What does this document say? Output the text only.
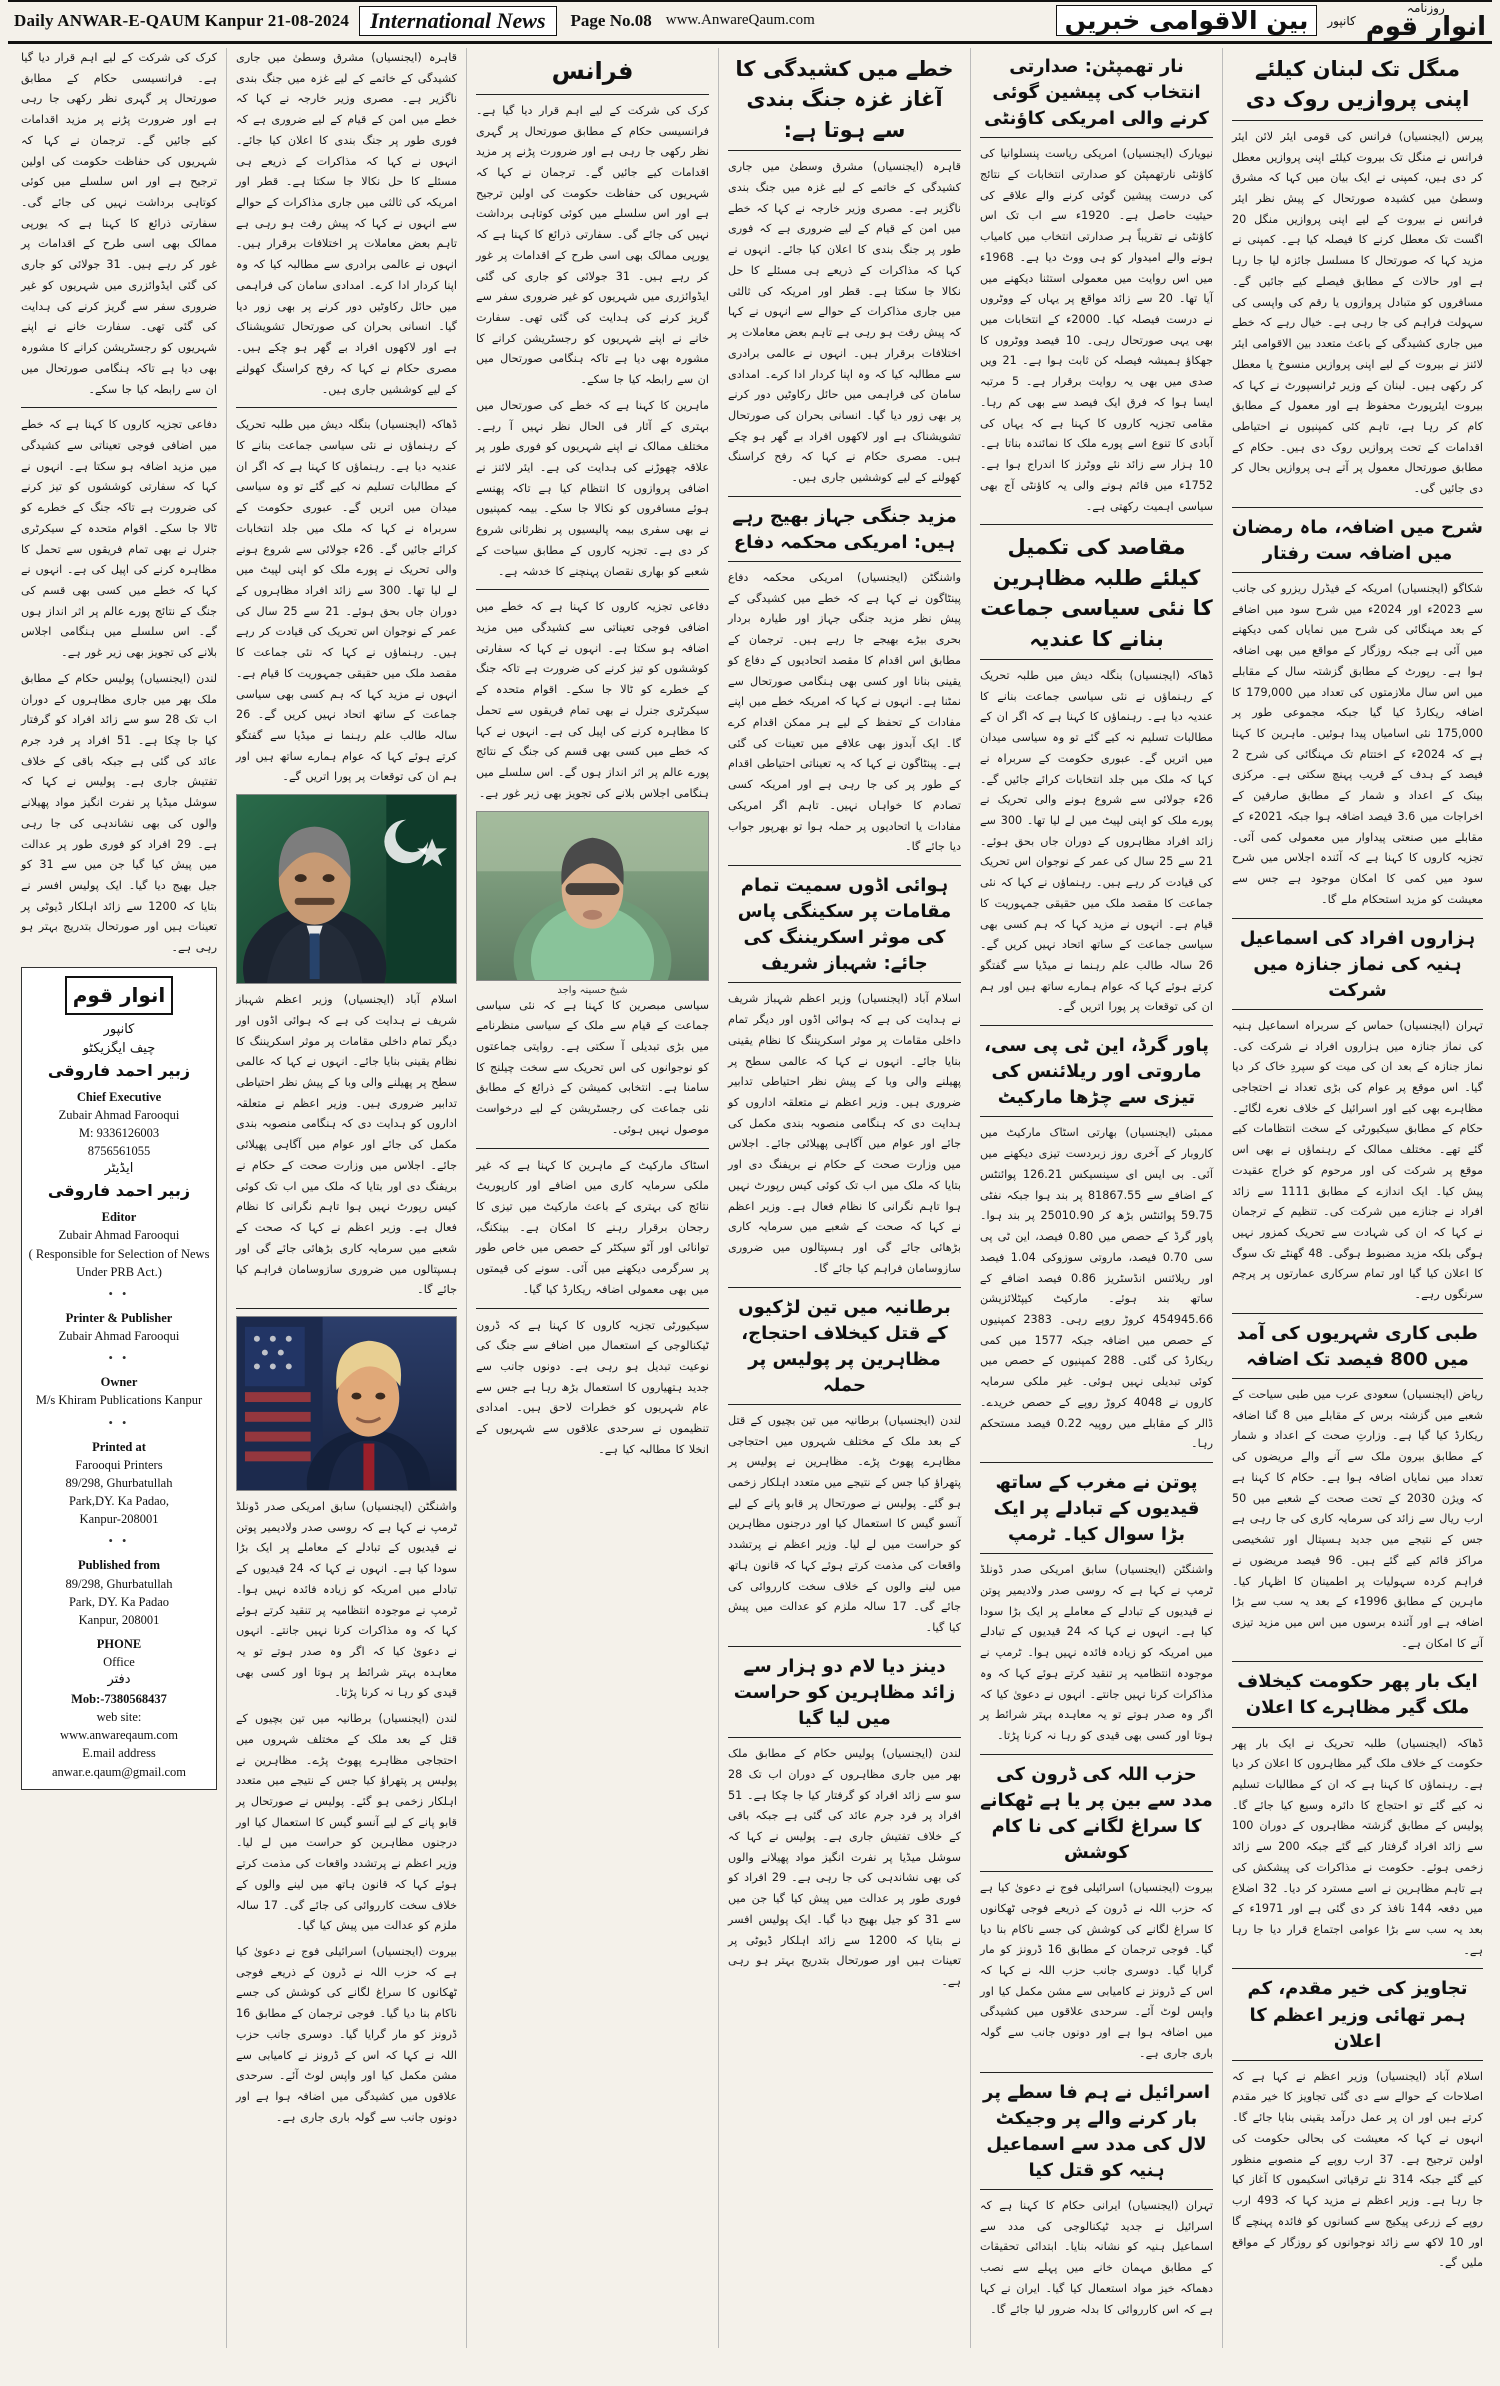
Daily ANWAR-E-QAUM Kanpur 21-08-2024 International News	Page No.08 www.AnwareQaum.com
روزنامہ
انوار قوم
کانپور
بین الاقوامی خبریں
مںگل تک لبنان کیلئے اپنی پروازیں روک دی

پیرس (ایجنسیاں) فرانس کی قومی ایئر لائن ایئر فرانس نے منگل تک بیروت کیلئے اپنی پروازیں معطل کر دی ہیں، کمپنی نے ایک بیان میں کہا کہ مشرق وسطیٰ میں کشیدہ صورتحال کے پیش نظر ایئر فرانس نے بیروت کے لیے اپنی پروازیں منگل 20 اگست تک معطل کرنے کا فیصلہ کیا ہے۔ کمپنی نے مزید کہا کہ صورتحال کا مسلسل جائزہ لیا جا رہا ہے اور حالات کے مطابق فیصلے کیے جائیں گے۔ مسافروں کو متبادل پروازوں یا رقم کی واپسی کی سہولت فراہم کی جا رہی ہے۔ خیال رہے کہ خطے میں جاری کشیدگی کے باعث متعدد بین الاقوامی ایئر لائنز نے بیروت کے لیے اپنی پروازیں منسوخ یا معطل کر رکھی ہیں۔ لبنان کے وزیر ٹرانسپورٹ نے کہا کہ بیروت ایئرپورٹ محفوظ ہے اور معمول کے مطابق کام کر رہا ہے، تاہم کئی کمپنیوں نے احتیاطی اقدامات کے تحت پروازیں روک دی ہیں۔ حکام کے مطابق صورتحال معمول پر آتے ہی پروازیں بحال کر دی جائیں گی۔

شرح میں اضافہ، ماہ رمضان میں اضافہ ست رفتار

شکاگو (ایجنسیاں) امریکہ کے فیڈرل ریزرو کی جانب سے 2023ء اور 2024ء میں شرح سود میں اضافے کے بعد مہنگائی کی شرح میں نمایاں کمی دیکھنے میں آئی ہے جبکہ روزگار کے مواقع میں بھی اضافہ ہوا ہے۔ رپورٹ کے مطابق گزشتہ سال کے مقابلے میں اس سال ملازمتوں کی تعداد میں 179,000 کا اضافہ ریکارڈ کیا گیا جبکہ مجموعی طور پر 175,000 نئی اسامیاں پیدا ہوئیں۔ ماہرین کا کہنا ہے کہ 2024ء کے اختتام تک مہنگائی کی شرح 2 فیصد کے ہدف کے قریب پہنچ سکتی ہے۔ مرکزی بینک کے اعداد و شمار کے مطابق صارفین کے اخراجات میں 3.6 فیصد اضافہ ہوا جبکہ 2021ء کے مقابلے میں صنعتی پیداوار میں معمولی کمی آئی۔ تجزیہ کاروں کا کہنا ہے کہ آئندہ اجلاس میں شرح سود میں کمی کا امکان موجود ہے جس سے معیشت کو مزید استحکام ملے گا۔

ہزاروں افراد کی اسماعیل ہنیہ کی نماز جنازہ میں شرکت

تہران (ایجنسیاں) حماس کے سربراہ اسماعیل ہنیہ کی نماز جنازہ میں ہزاروں افراد نے شرکت کی۔ نماز جنازہ کے بعد ان کی میت کو سپردِ خاک کر دیا گیا۔ اس موقع پر عوام کی بڑی تعداد نے احتجاجی مظاہرے بھی کیے اور اسرائیل کے خلاف نعرے لگائے۔ حکام کے مطابق سیکیورٹی کے سخت انتظامات کیے گئے تھے۔ مختلف ممالک کے رہنماؤں نے بھی اس موقع پر شرکت کی اور مرحوم کو خراج عقیدت پیش کیا۔ ایک اندازے کے مطابق 1111 سے زائد افراد نے جنازے میں شرکت کی۔ تنظیم کے ترجمان نے کہا کہ ان کی شہادت سے تحریک کمزور نہیں ہوگی بلکہ مزید مضبوط ہوگی۔ 48 گھنٹے تک سوگ کا اعلان کیا گیا اور تمام سرکاری عمارتوں پر پرچم سرنگوں رہے۔

طبی کاری شہریوں کی آمد میں 800 فیصد تک اضافہ

ریاض (ایجنسیاں) سعودی عرب میں طبی سیاحت کے شعبے میں گزشتہ برس کے مقابلے میں 8 گنا اضافہ ریکارڈ کیا گیا ہے۔ وزارتِ صحت کے اعداد و شمار کے مطابق بیرون ملک سے آنے والے مریضوں کی تعداد میں نمایاں اضافہ ہوا ہے۔ حکام کا کہنا ہے کہ ویژن 2030 کے تحت صحت کے شعبے میں 50 ارب ریال سے زائد کی سرمایہ کاری کی جا رہی ہے جس کے نتیجے میں جدید ہسپتال اور تشخیصی مراکز قائم کیے گئے ہیں۔ 96 فیصد مریضوں نے فراہم کردہ سہولیات پر اطمینان کا اظہار کیا۔ ماہرین کے مطابق 1996ء کے بعد یہ سب سے بڑا اضافہ ہے اور آئندہ برسوں میں اس میں مزید تیزی آنے کا امکان ہے۔

ایک بار پھر حکومت کیخلاف ملک گیر مظاہرے کا اعلان

ڈھاکہ (ایجنسیاں) طلبہ تحریک نے ایک بار پھر حکومت کے خلاف ملک گیر مظاہروں کا اعلان کر دیا ہے۔ رہنماؤں کا کہنا ہے کہ ان کے مطالبات تسلیم نہ کیے گئے تو احتجاج کا دائرہ وسیع کیا جائے گا۔ پولیس کے مطابق گزشتہ مظاہروں کے دوران 100 سے زائد افراد گرفتار کیے گئے جبکہ 200 سے زائد زخمی ہوئے۔ حکومت نے مذاکرات کی پیشکش کی ہے تاہم مظاہرین نے اسے مسترد کر دیا۔ 32 اضلاع میں دفعہ 144 نافذ کر دی گئی ہے اور 1971ء کے بعد یہ سب سے بڑا عوامی اجتماع قرار دیا جا رہا ہے۔

تجاویز کی خیر مقدم، کم ہمر تھائی وزیر اعظم کا اعلان

اسلام آباد (ایجنسیاں) وزیر اعظم نے کہا ہے کہ اصلاحات کے حوالے سے دی گئی تجاویز کا خیر مقدم کرتے ہیں اور ان پر عمل درآمد یقینی بنایا جائے گا۔ انہوں نے کہا کہ معیشت کی بحالی حکومت کی اولین ترجیح ہے۔ 37 ارب روپے کے منصوبے منظور کیے گئے جبکہ 314 نئے ترقیاتی اسکیموں کا آغاز کیا جا رہا ہے۔ وزیر اعظم نے مزید کہا کہ 493 ارب روپے کے زرعی پیکیج سے کسانوں کو فائدہ پہنچے گا اور 10 لاکھ سے زائد نوجوانوں کو روزگار کے مواقع ملیں گے۔

نار تھمپٹن: صدارتی انتخاب کی پیشین گوئی کرنے والی امریکی کاؤنٹی

نیویارک (ایجنسیاں) امریکی ریاست پنسلوانیا کی کاؤنٹی نارتھمپٹن کو صدارتی انتخابات کے نتائج کی درست پیشین گوئی کرنے والے علاقے کی حیثیت حاصل ہے۔ 1920ء سے اب تک اس کاؤنٹی نے تقریباً ہر صدارتی انتخاب میں کامیاب ہونے والے امیدوار کو ہی ووٹ دیا ہے۔ 1968ء میں اس روایت میں معمولی استثنا دیکھنے میں آیا تھا۔ 20 سے زائد مواقع پر یہاں کے ووٹروں نے درست فیصلہ کیا۔ 2000ء کے انتخابات میں بھی یہی صورتحال رہی۔ 10 فیصد ووٹروں کا جھکاؤ ہمیشہ فیصلہ کن ثابت ہوا ہے۔ 21 ویں صدی میں بھی یہ روایت برقرار ہے۔ 5 مرتبہ ایسا ہوا کہ فرق ایک فیصد سے بھی کم رہا۔ مقامی تجزیہ کاروں کا کہنا ہے کہ یہاں کی آبادی کا تنوع اسے پورے ملک کا نمائندہ بناتا ہے۔ 10 ہزار سے زائد نئے ووٹرز کا اندراج ہوا ہے۔ 1752ء میں قائم ہونے والی یہ کاؤنٹی آج بھی سیاسی اہمیت رکھتی ہے۔

مقاصد کی تکمیل کیلئے طلبہ مظاہرین کا نئی سیاسی جماعت بنانے کا عندیہ

ڈھاکہ (ایجنسیاں) بنگلہ دیش میں طلبہ تحریک کے رہنماؤں نے نئی سیاسی جماعت بنانے کا عندیہ دیا ہے۔ رہنماؤں کا کہنا ہے کہ اگر ان کے مطالبات تسلیم نہ کیے گئے تو وہ سیاسی میدان میں اتریں گے۔ عبوری حکومت کے سربراہ نے کہا کہ ملک میں جلد انتخابات کرائے جائیں گے۔ 26ء جولائی سے شروع ہونے والی تحریک نے پورے ملک کو اپنی لپیٹ میں لے لیا تھا۔ 300 سے زائد افراد مظاہروں کے دوران جاں بحق ہوئے۔ 21 سے 25 سال کی عمر کے نوجوان اس تحریک کی قیادت کر رہے ہیں۔ رہنماؤں نے کہا کہ نئی جماعت کا مقصد ملک میں حقیقی جمہوریت کا قیام ہے۔ انہوں نے مزید کہا کہ ہم کسی بھی سیاسی جماعت کے ساتھ اتحاد نہیں کریں گے۔ 26 سالہ طالب علم رہنما نے میڈیا سے گفتگو کرتے ہوئے کہا کہ عوام ہمارے ساتھ ہیں اور ہم ان کی توقعات پر پورا اتریں گے۔

پاور گرڈ، این ٹی پی سی، ماروتی اور ریلائنس کی تیزی سے چڑھا مارکیٹ

ممبئی (ایجنسیاں) بھارتی اسٹاک مارکیٹ میں کاروبار کے آخری روز زبردست تیزی دیکھنے میں آئی۔ بی ایس ای سینسیکس 126.21 پوائنٹس کے اضافے سے 81867.55 پر بند ہوا جبکہ نفٹی 59.75 پوائنٹس بڑھ کر 25010.90 پر بند ہوا۔ پاور گرڈ کے حصص میں 0.80 فیصد، این ٹی پی سی 0.70 فیصد، ماروتی سوزوکی 1.04 فیصد اور ریلائنس انڈسٹریز 0.86 فیصد اضافے کے ساتھ بند ہوئے۔ مارکیٹ کیپٹلائزیشن 454945.66 کروڑ روپے رہی۔ 2383 کمپنیوں کے حصص میں اضافہ جبکہ 1577 میں کمی ریکارڈ کی گئی۔ 288 کمپنیوں کے حصص میں کوئی تبدیلی نہیں ہوئی۔ غیر ملکی سرمایہ کاروں نے 4048 کروڑ روپے کے حصص خریدے۔ ڈالر کے مقابلے میں روپیہ 0.22 فیصد مستحکم رہا۔

پوتن نے مغرب کے ساتھ قیدیوں کے تبادلے پر ایک بڑا سوال کیا۔ ٹرمپ

واشنگٹن (ایجنسیاں) سابق امریکی صدر ڈونلڈ ٹرمپ نے کہا ہے کہ روسی صدر ولادیمیر پوتن نے قیدیوں کے تبادلے کے معاملے پر ایک بڑا سودا کیا ہے۔ انہوں نے کہا کہ 24 قیدیوں کے تبادلے میں امریکہ کو زیادہ فائدہ نہیں ہوا۔ ٹرمپ نے موجودہ انتظامیہ پر تنقید کرتے ہوئے کہا کہ وہ مذاکرات کرنا نہیں جانتے۔ انہوں نے دعویٰ کیا کہ اگر وہ صدر ہوتے تو یہ معاہدہ بہتر شرائط پر ہوتا اور کسی بھی قیدی کو رہا نہ کرنا پڑتا۔

حزب اللہ کی ڈرون کی مدد سے بین پر یا ہے ٹھکانے کا سراغ لگانے کی نا کام کوشش

بیروت (ایجنسیاں) اسرائیلی فوج نے دعویٰ کیا ہے کہ حزب اللہ نے ڈرون کے ذریعے فوجی ٹھکانوں کا سراغ لگانے کی کوشش کی جسے ناکام بنا دیا گیا۔ فوجی ترجمان کے مطابق 16 ڈرونز کو مار گرایا گیا۔ دوسری جانب حزب اللہ نے کہا کہ اس کے ڈرونز نے کامیابی سے مشن مکمل کیا اور واپس لوٹ آئے۔ سرحدی علاقوں میں کشیدگی میں اضافہ ہوا ہے اور دونوں جانب سے گولہ باری جاری ہے۔

اسرائیل نے ہم فا سطے پر بار کرنے والے پر وجیکٹ لال کی مدد سے اسماعیل ہنیہ کو قتل کیا

تہران (ایجنسیاں) ایرانی حکام کا کہنا ہے کہ اسرائیل نے جدید ٹیکنالوجی کی مدد سے اسماعیل ہنیہ کو نشانہ بنایا۔ ابتدائی تحقیقات کے مطابق مہمان خانے میں پہلے سے نصب دھماکہ خیز مواد استعمال کیا گیا۔ ایران نے کہا ہے کہ اس کارروائی کا بدلہ ضرور لیا جائے گا۔

خطے میں کشیدگی کا آغاز غزہ جنگ بندی سے ہوتا ہے:

قاہرہ (ایجنسیاں) مشرق وسطیٰ میں جاری کشیدگی کے خاتمے کے لیے غزہ میں جنگ بندی ناگزیر ہے۔ مصری وزیر خارجہ نے کہا کہ خطے میں امن کے قیام کے لیے ضروری ہے کہ فوری طور پر جنگ بندی کا اعلان کیا جائے۔ انہوں نے کہا کہ مذاکرات کے ذریعے ہی مسئلے کا حل نکالا جا سکتا ہے۔ قطر اور امریکہ کی ثالثی میں جاری مذاکرات کے حوالے سے انہوں نے کہا کہ پیش رفت ہو رہی ہے تاہم بعض معاملات پر اختلافات برقرار ہیں۔ انہوں نے عالمی برادری سے مطالبہ کیا کہ وہ اپنا کردار ادا کرے۔ امدادی سامان کی فراہمی میں حائل رکاوٹیں دور کرنے پر بھی زور دیا گیا۔ انسانی بحران کی صورتحال تشویشناک ہے اور لاکھوں افراد بے گھر ہو چکے ہیں۔ مصری حکام نے کہا کہ رفح کراسنگ کھولنے کے لیے کوششیں جاری ہیں۔

مزید جنگی جہاز بھیج رہے ہیں: امریکی محکمہ دفاع

واشنگٹن (ایجنسیاں) امریکی محکمہ دفاع پینٹاگون نے کہا ہے کہ خطے میں کشیدگی کے پیش نظر مزید جنگی جہاز اور طیارہ بردار بحری بیڑے بھیجے جا رہے ہیں۔ ترجمان کے مطابق اس اقدام کا مقصد اتحادیوں کے دفاع کو یقینی بنانا اور کسی بھی ہنگامی صورتحال سے نمٹنا ہے۔ انہوں نے کہا کہ امریکہ خطے میں اپنے مفادات کے تحفظ کے لیے ہر ممکن اقدام کرے گا۔ ایک آبدوز بھی علاقے میں تعینات کی گئی ہے۔ پینٹاگون نے کہا کہ یہ تعیناتی احتیاطی اقدام کے طور پر کی جا رہی ہے اور امریکہ کسی تصادم کا خواہاں نہیں۔ تاہم اگر امریکی مفادات یا اتحادیوں پر حملہ ہوا تو بھرپور جواب دیا جائے گا۔

ہوائی اڈوں سمیت تمام مقامات پر سکینگی پاس کی موثر اسکریننگ کی جائے: شہباز شریف

اسلام آباد (ایجنسیاں) وزیر اعظم شہباز شریف نے ہدایت کی ہے کہ ہوائی اڈوں اور دیگر تمام داخلی مقامات پر موثر اسکریننگ کا نظام یقینی بنایا جائے۔ انہوں نے کہا کہ عالمی سطح پر پھیلنے والی وبا کے پیش نظر احتیاطی تدابیر ضروری ہیں۔ وزیر اعظم نے متعلقہ اداروں کو ہدایت دی کہ ہنگامی منصوبہ بندی مکمل کی جائے اور عوام میں آگاہی پھیلائی جائے۔ اجلاس میں وزارت صحت کے حکام نے بریفنگ دی اور بتایا کہ ملک میں اب تک کوئی کیس رپورٹ نہیں ہوا تاہم نگرانی کا نظام فعال ہے۔ وزیر اعظم نے کہا کہ صحت کے شعبے میں سرمایہ کاری بڑھائی جائے گی اور ہسپتالوں میں ضروری سازوسامان فراہم کیا جائے گا۔

برطانیہ میں تین لڑکیوں کے قتل کیخلاف احتجاج، مظاہرین پر پولیس پر حملہ

لندن (ایجنسیاں) برطانیہ میں تین بچیوں کے قتل کے بعد ملک کے مختلف شہروں میں احتجاجی مظاہرے پھوٹ پڑے۔ مظاہرین نے پولیس پر پتھراؤ کیا جس کے نتیجے میں متعدد اہلکار زخمی ہو گئے۔ پولیس نے صورتحال پر قابو پانے کے لیے آنسو گیس کا استعمال کیا اور درجنوں مظاہرین کو حراست میں لے لیا۔ وزیر اعظم نے پرتشدد واقعات کی مذمت کرتے ہوئے کہا کہ قانون ہاتھ میں لینے والوں کے خلاف سخت کارروائی کی جائے گی۔ 17 سالہ ملزم کو عدالت میں پیش کیا گیا۔

دینز دیا لام دو ہزار سے زائد مظاہرین کو حراست میں لیا گیا

لندن (ایجنسیاں) پولیس حکام کے مطابق ملک بھر میں جاری مظاہروں کے دوران اب تک 28 سو سے زائد افراد کو گرفتار کیا جا چکا ہے۔ 51 افراد پر فرد جرم عائد کی گئی ہے جبکہ باقی کے خلاف تفتیش جاری ہے۔ پولیس نے کہا کہ سوشل میڈیا پر نفرت انگیز مواد پھیلانے والوں کی بھی نشاندہی کی جا رہی ہے۔ 29 افراد کو فوری طور پر عدالت میں پیش کیا گیا جن میں سے 31 کو جیل بھیج دیا گیا۔ ایک پولیس افسر نے بتایا کہ 1200 سے زائد اہلکار ڈیوٹی پر تعینات ہیں اور صورتحال بتدریج بہتر ہو رہی ہے۔

فرانس

کرک کی شرکت کے لیے اہم قرار دیا گیا ہے۔ فرانسیسی حکام کے مطابق صورتحال پر گہری نظر رکھی جا رہی ہے اور ضرورت پڑنے پر مزید اقدامات کیے جائیں گے۔ ترجمان نے کہا کہ شہریوں کی حفاظت حکومت کی اولین ترجیح ہے اور اس سلسلے میں کوئی کوتاہی برداشت نہیں کی جائے گی۔ سفارتی ذرائع کا کہنا ہے کہ یورپی ممالک بھی اسی طرح کے اقدامات پر غور کر رہے ہیں۔ 31 جولائی کو جاری کی گئی ایڈوائزری میں شہریوں کو غیر ضروری سفر سے گریز کرنے کی ہدایت کی گئی تھی۔ سفارت خانے نے اپنے شہریوں کو رجسٹریشن کرانے کا مشورہ بھی دیا ہے تاکہ ہنگامی صورتحال میں ان سے رابطہ کیا جا سکے۔

ماہرین کا کہنا ہے کہ خطے کی صورتحال میں بہتری کے آثار فی الحال نظر نہیں آ رہے۔ مختلف ممالک نے اپنے شہریوں کو فوری طور پر علاقہ چھوڑنے کی ہدایت کی ہے۔ ایئر لائنز نے اضافی پروازوں کا انتظام کیا ہے تاکہ پھنسے ہوئے مسافروں کو نکالا جا سکے۔ بیمہ کمپنیوں نے بھی سفری بیمہ پالیسیوں پر نظرثانی شروع کر دی ہے۔ تجزیہ کاروں کے مطابق سیاحت کے شعبے کو بھاری نقصان پہنچنے کا خدشہ ہے۔

دفاعی تجزیہ کاروں کا کہنا ہے کہ خطے میں اضافی فوجی تعیناتی سے کشیدگی میں مزید اضافہ ہو سکتا ہے۔ انہوں نے کہا کہ سفارتی کوششوں کو تیز کرنے کی ضرورت ہے تاکہ جنگ کے خطرے کو ٹالا جا سکے۔ اقوام متحدہ کے سیکرٹری جنرل نے بھی تمام فریقوں سے تحمل کا مظاہرہ کرنے کی اپیل کی ہے۔ انہوں نے کہا کہ خطے میں کسی بھی قسم کی جنگ کے نتائج پورے عالم پر اثر انداز ہوں گے۔ اس سلسلے میں ہنگامی اجلاس بلانے کی تجویز بھی زیر غور ہے۔

شیخ حسینہ واجد

سیاسی مبصرین کا کہنا ہے کہ نئی سیاسی جماعت کے قیام سے ملک کے سیاسی منظرنامے میں بڑی تبدیلی آ سکتی ہے۔ روایتی جماعتوں کو نوجوانوں کی اس تحریک سے سخت چیلنج کا سامنا ہے۔ انتخابی کمیشن کے ذرائع کے مطابق نئی جماعت کی رجسٹریشن کے لیے درخواست موصول نہیں ہوئی۔

اسٹاک مارکیٹ کے ماہرین کا کہنا ہے کہ غیر ملکی سرمایہ کاری میں اضافے اور کارپوریٹ نتائج کی بہتری کے باعث مارکیٹ میں تیزی کا رجحان برقرار رہنے کا امکان ہے۔ بینکنگ، توانائی اور آٹو سیکٹر کے حصص میں خاص طور پر سرگرمی دیکھنے میں آئی۔ سونے کی قیمتوں میں بھی معمولی اضافہ ریکارڈ کیا گیا۔

سیکیورٹی تجزیہ کاروں کا کہنا ہے کہ ڈرون ٹیکنالوجی کے استعمال میں اضافے سے جنگ کی نوعیت تبدیل ہو رہی ہے۔ دونوں جانب سے جدید ہتھیاروں کا استعمال بڑھ رہا ہے جس سے عام شہریوں کو خطرات لاحق ہیں۔ امدادی تنظیموں نے سرحدی علاقوں سے شہریوں کے انخلا کا مطالبہ کیا ہے۔

قاہرہ (ایجنسیاں) مشرق وسطیٰ میں جاری کشیدگی کے خاتمے کے لیے غزہ میں جنگ بندی ناگزیر ہے۔ مصری وزیر خارجہ نے کہا کہ خطے میں امن کے قیام کے لیے ضروری ہے کہ فوری طور پر جنگ بندی کا اعلان کیا جائے۔ انہوں نے کہا کہ مذاکرات کے ذریعے ہی مسئلے کا حل نکالا جا سکتا ہے۔ قطر اور امریکہ کی ثالثی میں جاری مذاکرات کے حوالے سے انہوں نے کہا کہ پیش رفت ہو رہی ہے تاہم بعض معاملات پر اختلافات برقرار ہیں۔ انہوں نے عالمی برادری سے مطالبہ کیا کہ وہ اپنا کردار ادا کرے۔ امدادی سامان کی فراہمی میں حائل رکاوٹیں دور کرنے پر بھی زور دیا گیا۔ انسانی بحران کی صورتحال تشویشناک ہے اور لاکھوں افراد بے گھر ہو چکے ہیں۔ مصری حکام نے کہا کہ رفح کراسنگ کھولنے کے لیے کوششیں جاری ہیں۔

ڈھاکہ (ایجنسیاں) بنگلہ دیش میں طلبہ تحریک کے رہنماؤں نے نئی سیاسی جماعت بنانے کا عندیہ دیا ہے۔ رہنماؤں کا کہنا ہے کہ اگر ان کے مطالبات تسلیم نہ کیے گئے تو وہ سیاسی میدان میں اتریں گے۔ عبوری حکومت کے سربراہ نے کہا کہ ملک میں جلد انتخابات کرائے جائیں گے۔ 26ء جولائی سے شروع ہونے والی تحریک نے پورے ملک کو اپنی لپیٹ میں لے لیا تھا۔ 300 سے زائد افراد مظاہروں کے دوران جاں بحق ہوئے۔ 21 سے 25 سال کی عمر کے نوجوان اس تحریک کی قیادت کر رہے ہیں۔ رہنماؤں نے کہا کہ نئی جماعت کا مقصد ملک میں حقیقی جمہوریت کا قیام ہے۔ انہوں نے مزید کہا کہ ہم کسی بھی سیاسی جماعت کے ساتھ اتحاد نہیں کریں گے۔ 26 سالہ طالب علم رہنما نے میڈیا سے گفتگو کرتے ہوئے کہا کہ عوام ہمارے ساتھ ہیں اور ہم ان کی توقعات پر پورا اتریں گے۔

اسلام آباد (ایجنسیاں) وزیر اعظم شہباز شریف نے ہدایت کی ہے کہ ہوائی اڈوں اور دیگر تمام داخلی مقامات پر موثر اسکریننگ کا نظام یقینی بنایا جائے۔ انہوں نے کہا کہ عالمی سطح پر پھیلنے والی وبا کے پیش نظر احتیاطی تدابیر ضروری ہیں۔ وزیر اعظم نے متعلقہ اداروں کو ہدایت دی کہ ہنگامی منصوبہ بندی مکمل کی جائے اور عوام میں آگاہی پھیلائی جائے۔ اجلاس میں وزارت صحت کے حکام نے بریفنگ دی اور بتایا کہ ملک میں اب تک کوئی کیس رپورٹ نہیں ہوا تاہم نگرانی کا نظام فعال ہے۔ وزیر اعظم نے کہا کہ صحت کے شعبے میں سرمایہ کاری بڑھائی جائے گی اور ہسپتالوں میں ضروری سازوسامان فراہم کیا جائے گا۔

واشنگٹن (ایجنسیاں) سابق امریکی صدر ڈونلڈ ٹرمپ نے کہا ہے کہ روسی صدر ولادیمیر پوتن نے قیدیوں کے تبادلے کے معاملے پر ایک بڑا سودا کیا ہے۔ انہوں نے کہا کہ 24 قیدیوں کے تبادلے میں امریکہ کو زیادہ فائدہ نہیں ہوا۔ ٹرمپ نے موجودہ انتظامیہ پر تنقید کرتے ہوئے کہا کہ وہ مذاکرات کرنا نہیں جانتے۔ انہوں نے دعویٰ کیا کہ اگر وہ صدر ہوتے تو یہ معاہدہ بہتر شرائط پر ہوتا اور کسی بھی قیدی کو رہا نہ کرنا پڑتا۔

لندن (ایجنسیاں) برطانیہ میں تین بچیوں کے قتل کے بعد ملک کے مختلف شہروں میں احتجاجی مظاہرے پھوٹ پڑے۔ مظاہرین نے پولیس پر پتھراؤ کیا جس کے نتیجے میں متعدد اہلکار زخمی ہو گئے۔ پولیس نے صورتحال پر قابو پانے کے لیے آنسو گیس کا استعمال کیا اور درجنوں مظاہرین کو حراست میں لے لیا۔ وزیر اعظم نے پرتشدد واقعات کی مذمت کرتے ہوئے کہا کہ قانون ہاتھ میں لینے والوں کے خلاف سخت کارروائی کی جائے گی۔ 17 سالہ ملزم کو عدالت میں پیش کیا گیا۔

بیروت (ایجنسیاں) اسرائیلی فوج نے دعویٰ کیا ہے کہ حزب اللہ نے ڈرون کے ذریعے فوجی ٹھکانوں کا سراغ لگانے کی کوشش کی جسے ناکام بنا دیا گیا۔ فوجی ترجمان کے مطابق 16 ڈرونز کو مار گرایا گیا۔ دوسری جانب حزب اللہ نے کہا کہ اس کے ڈرونز نے کامیابی سے مشن مکمل کیا اور واپس لوٹ آئے۔ سرحدی علاقوں میں کشیدگی میں اضافہ ہوا ہے اور دونوں جانب سے گولہ باری جاری ہے۔

کرک کی شرکت کے لیے اہم قرار دیا گیا ہے۔ فرانسیسی حکام کے مطابق صورتحال پر گہری نظر رکھی جا رہی ہے اور ضرورت پڑنے پر مزید اقدامات کیے جائیں گے۔ ترجمان نے کہا کہ شہریوں کی حفاظت حکومت کی اولین ترجیح ہے اور اس سلسلے میں کوئی کوتاہی برداشت نہیں کی جائے گی۔ سفارتی ذرائع کا کہنا ہے کہ یورپی ممالک بھی اسی طرح کے اقدامات پر غور کر رہے ہیں۔ 31 جولائی کو جاری کی گئی ایڈوائزری میں شہریوں کو غیر ضروری سفر سے گریز کرنے کی ہدایت کی گئی تھی۔ سفارت خانے نے اپنے شہریوں کو رجسٹریشن کرانے کا مشورہ بھی دیا ہے تاکہ ہنگامی صورتحال میں ان سے رابطہ کیا جا سکے۔

دفاعی تجزیہ کاروں کا کہنا ہے کہ خطے میں اضافی فوجی تعیناتی سے کشیدگی میں مزید اضافہ ہو سکتا ہے۔ انہوں نے کہا کہ سفارتی کوششوں کو تیز کرنے کی ضرورت ہے تاکہ جنگ کے خطرے کو ٹالا جا سکے۔ اقوام متحدہ کے سیکرٹری جنرل نے بھی تمام فریقوں سے تحمل کا مظاہرہ کرنے کی اپیل کی ہے۔ انہوں نے کہا کہ خطے میں کسی بھی قسم کی جنگ کے نتائج پورے عالم پر اثر انداز ہوں گے۔ اس سلسلے میں ہنگامی اجلاس بلانے کی تجویز بھی زیر غور ہے۔

لندن (ایجنسیاں) پولیس حکام کے مطابق ملک بھر میں جاری مظاہروں کے دوران اب تک 28 سو سے زائد افراد کو گرفتار کیا جا چکا ہے۔ 51 افراد پر فرد جرم عائد کی گئی ہے جبکہ باقی کے خلاف تفتیش جاری ہے۔ پولیس نے کہا کہ سوشل میڈیا پر نفرت انگیز مواد پھیلانے والوں کی بھی نشاندہی کی جا رہی ہے۔ 29 افراد کو فوری طور پر عدالت میں پیش کیا گیا جن میں سے 31 کو جیل بھیج دیا گیا۔ ایک پولیس افسر نے بتایا کہ 1200 سے زائد اہلکار ڈیوٹی پر تعینات ہیں اور صورتحال بتدریج بہتر ہو رہی ہے۔

انوار قوم
کانپور
چیف ایگزیکٹو
زبیر احمد فاروقی
Chief Executive
Zubair Ahmad Farooqui
M: 9336126003
8756561055
ایڈیٹر
زبیر احمد فاروقی
Editor
Zubair Ahmad Farooqui
( Responsible for Selection of News Under PRB Act.)
• •
Printer & Publisher
Zubair Ahmad Farooqui
• •
Owner
M/s Khiram Publications Kanpur
• •
Printed at
Farooqui Printers
89/298, Ghurbatullah
Park,DY. Ka Padao,
Kanpur-208001
• •
Published from
89/298, Ghurbatullah
Park, DY. Ka Padao
Kanpur, 208001
PHONE
Office
دفتر
Mob:-7380568437
web site:
www.anwareqaum.com
E.mail address
anwar.e.qaum@gmail.com
